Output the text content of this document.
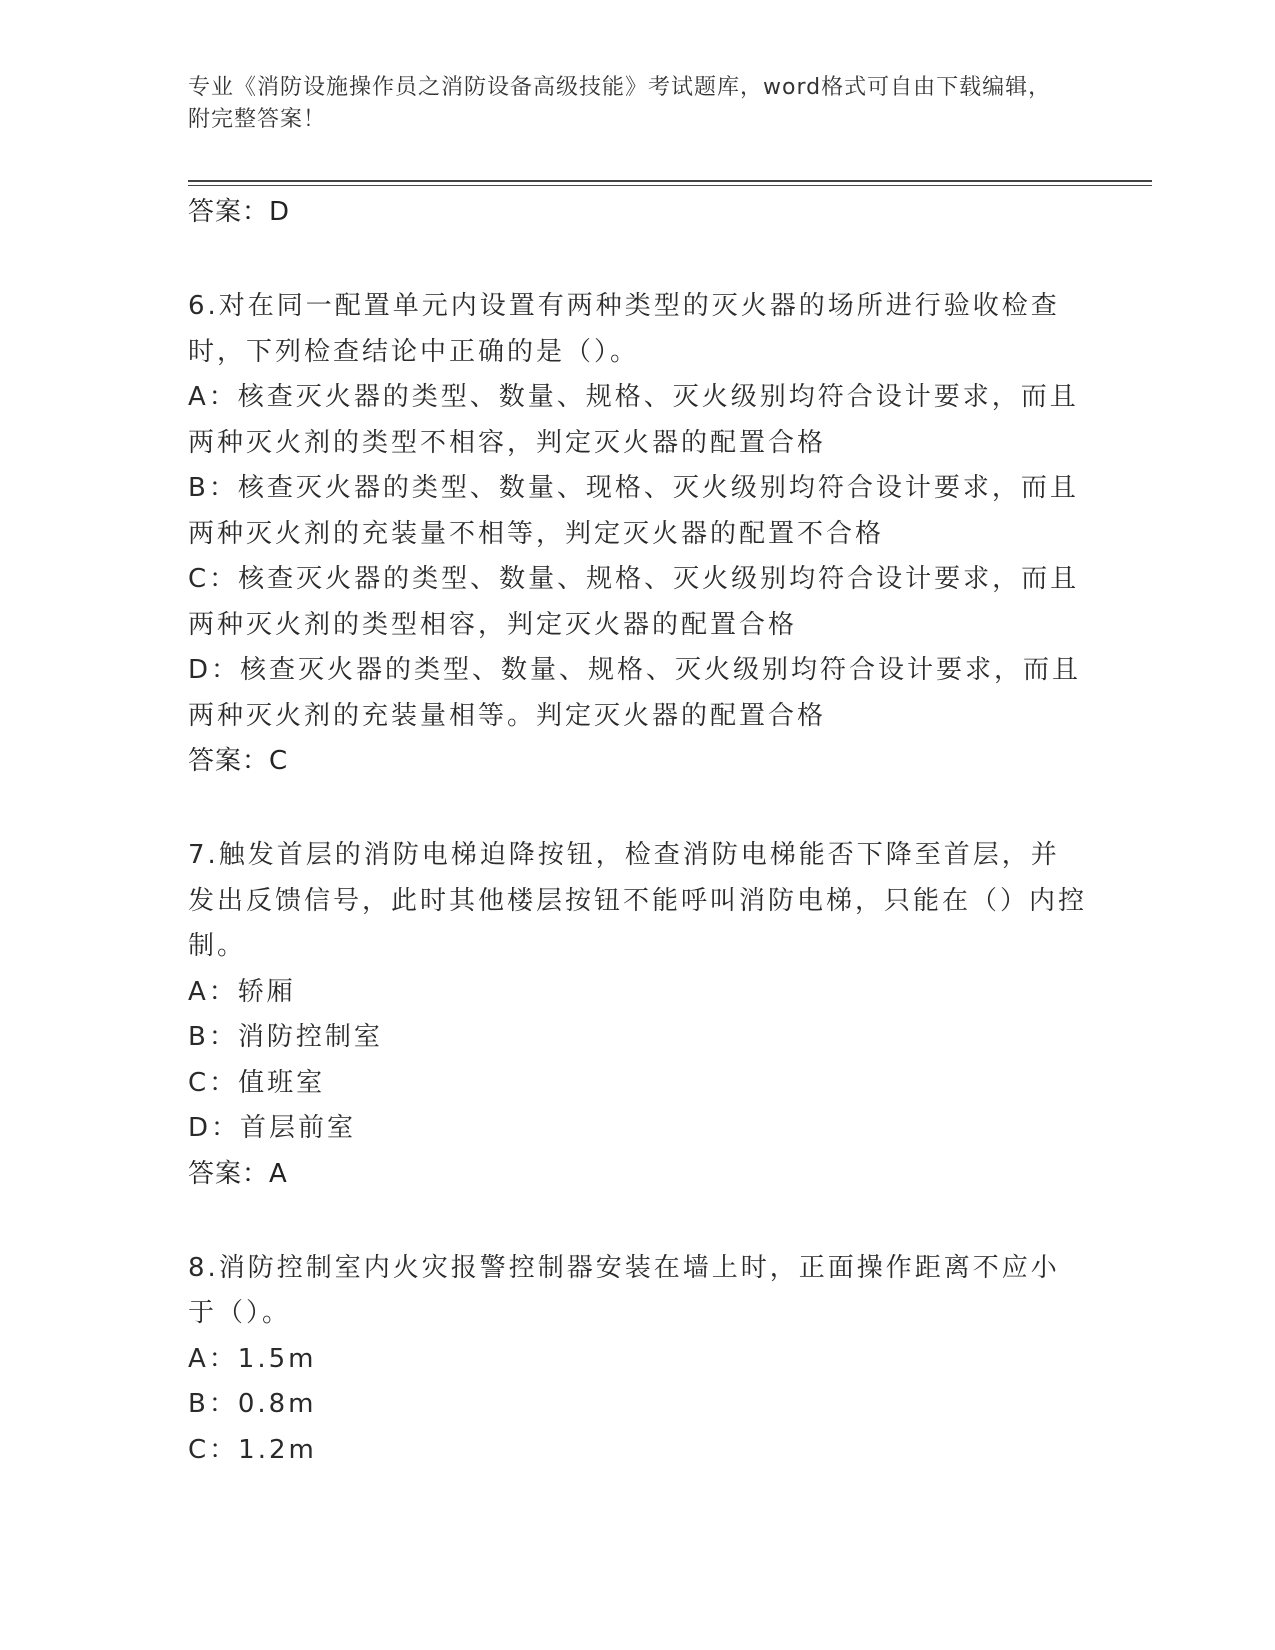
专业《消防设施操作员之消防设备高级技能》考试题库，word格式可自由下载编辑，附完整答案！
答案：D

6.对在同一配置单元内设置有两种类型的灭火器的场所进行验收检查时，下列检查结论中正确的是（）。

A：核查灭火器的类型、数量、规格、灭火级别均符合设计要求，而且两种灭火剂的类型不相容，判定灭火器的配置合格

B：核查灭火器的类型、数量、现格、灭火级别均符合设计要求，而且两种灭火剂的充装量不相等，判定灭火器的配置不合格

C：核查灭火器的类型、数量、规格、灭火级别均符合设计要求，而且两种灭火剂的类型相容，判定灭火器的配置合格

D：核查灭火器的类型、数量、规格、灭火级别均符合设计要求，而且两种灭火剂的充装量相等。判定灭火器的配置合格

答案：C

7.触发首层的消防电梯迫降按钮，检查消防电梯能否下降至首层，并发出反馈信号，此时其他楼层按钮不能呼叫消防电梯，只能在（）内控制。

A：轿厢

B：消防控制室

C：值班室

D：首层前室

答案：A

8.消防控制室内火灾报警控制器安装在墙上时，正面操作距离不应小于（）。

A：1.5m

B：0.8m

C：1.2m
